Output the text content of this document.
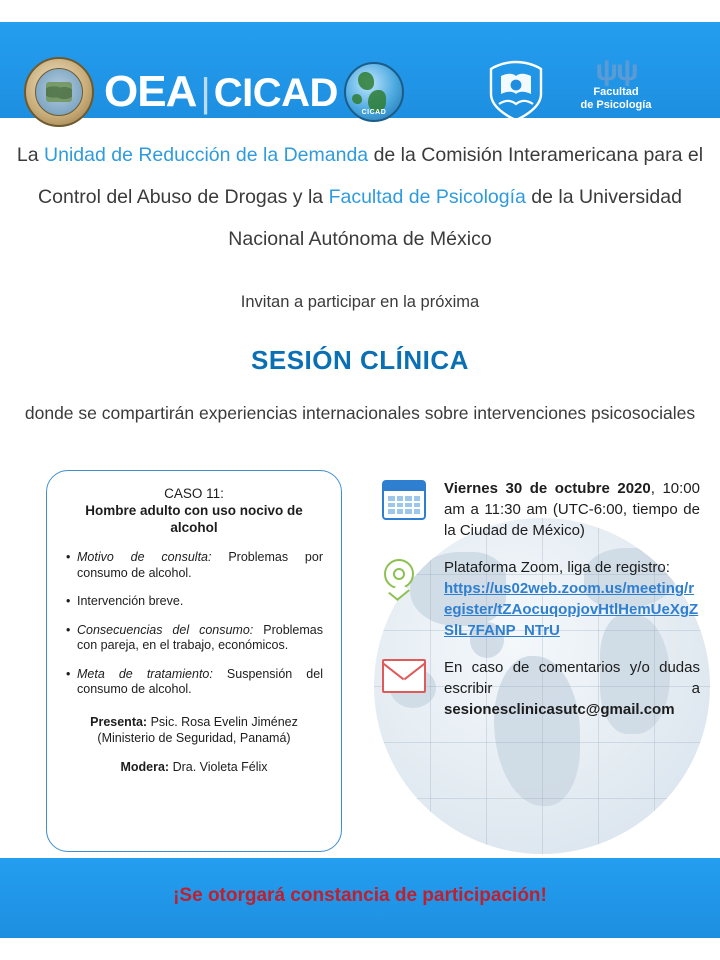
OEA | CICAD	CICAD
ψψ
Facultad
de Psicología
La Unidad de Reducción de la Demanda de la Comisión Interamericana para el Control del Abuso de Drogas y la Facultad de Psicología de la Universidad Nacional Autónoma de México
Invitan a participar en la próxima
SESIÓN CLÍNICA
donde se compartirán experiencias internacionales sobre intervenciones psicosociales
CASO 11:
Hombre adulto con uso nocivo de alcohol
• Motivo de consulta: Problemas por consumo de alcohol.
• Intervención breve.
• Consecuencias del consumo: Problemas con pareja, en el trabajo, económicos.
• Meta de tratamiento: Suspensión del consumo de alcohol.
Presenta: Psic. Rosa Evelin Jiménez
(Ministerio de Seguridad, Panamá)
Modera: Dra. Violeta Félix
Viernes 30 de octubre 2020, 10:00 am a 11:30 am (UTC-6:00, tiempo de la Ciudad de México)
Plataforma Zoom, liga de registro:
https://us02web.zoom.us/meeting/register/tZAocuqopjovHtlHemUeXgZSlL7FANP_NTrU
En caso de comentarios y/o dudas escribir a sesionesclinicasutc@gmail.com
¡Se otorgará constancia de participación!
